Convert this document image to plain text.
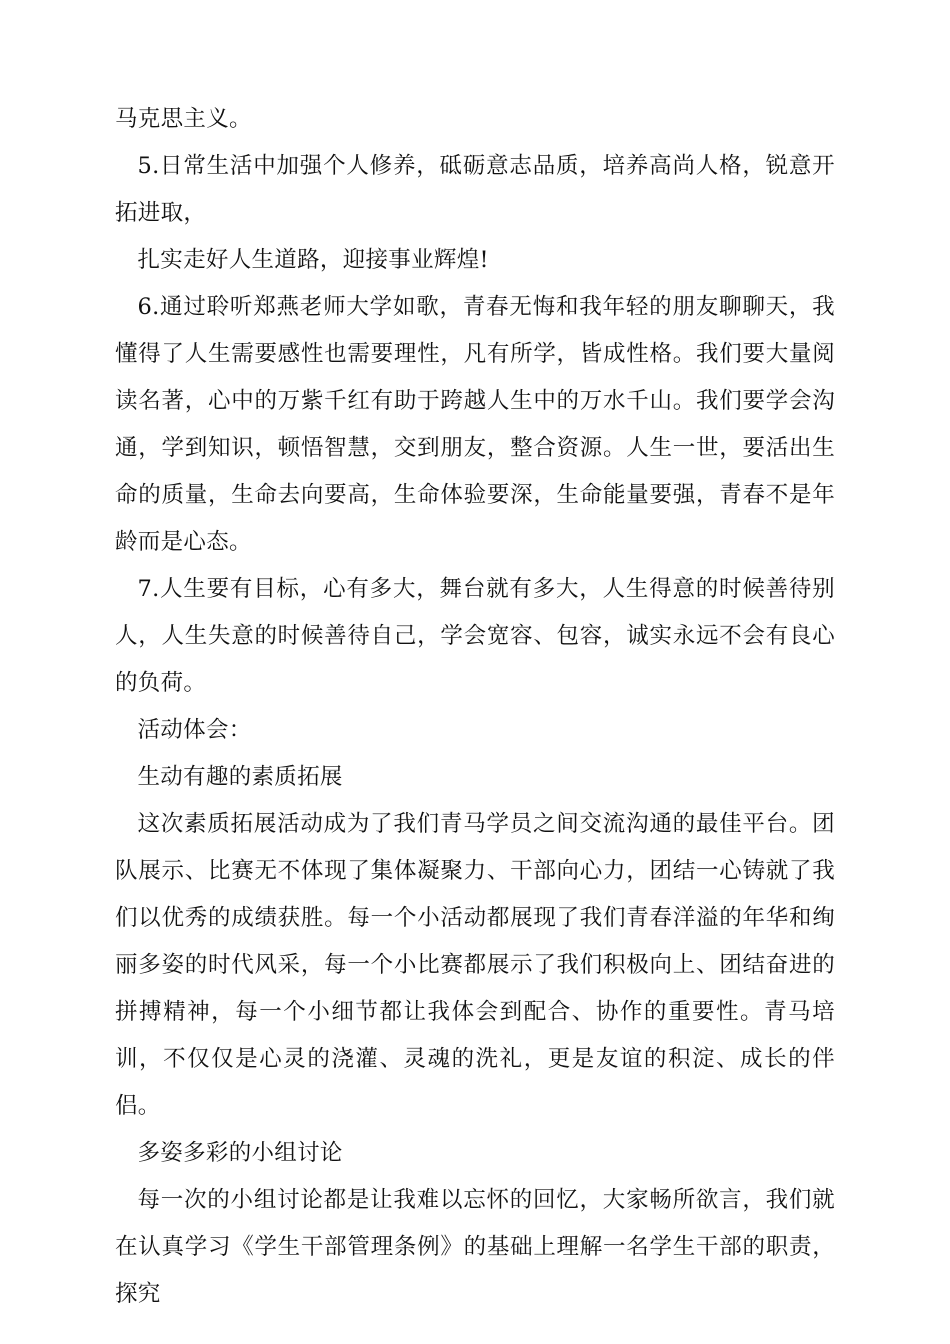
马克思主义。

5.日常生活中加强个人修养，砥砺意志品质，培养高尚人格，锐意开拓进取，

扎实走好人生道路，迎接事业辉煌!

6.通过聆听郑燕老师大学如歌，青春无悔和我年轻的朋友聊聊天，我懂得了人生需要感性也需要理性，凡有所学，皆成性格。我们要大量阅读名著，心中的万紫千红有助于跨越人生中的万水千山。我们要学会沟通，学到知识，顿悟智慧，交到朋友，整合资源。人生一世，要活出生命的质量，生命去向要高，生命体验要深，生命能量要强，青春不是年龄而是心态。

7.人生要有目标，心有多大，舞台就有多大，人生得意的时候善待别人，人生失意的时候善待自己，学会宽容、包容，诚实永远不会有良心的负荷。

活动体会：

生动有趣的素质拓展

这次素质拓展活动成为了我们青马学员之间交流沟通的最佳平台。团队展示、比赛无不体现了集体凝聚力、干部向心力，团结一心铸就了我们以优秀的成绩获胜。每一个小活动都展现了我们青春洋溢的年华和绚丽多姿的时代风采，每一个小比赛都展示了我们积极向上、团结奋进的拼搏精神，每一个小细节都让我体会到配合、协作的重要性。青马培训，不仅仅是心灵的浇灌、灵魂的洗礼，更是友谊的积淀、成长的伴侣。

多姿多彩的小组讨论

每一次的小组讨论都是让我难以忘怀的回忆，大家畅所欲言，我们就在认真学习《学生干部管理条例》的基础上理解一名学生干部的职责，探究
